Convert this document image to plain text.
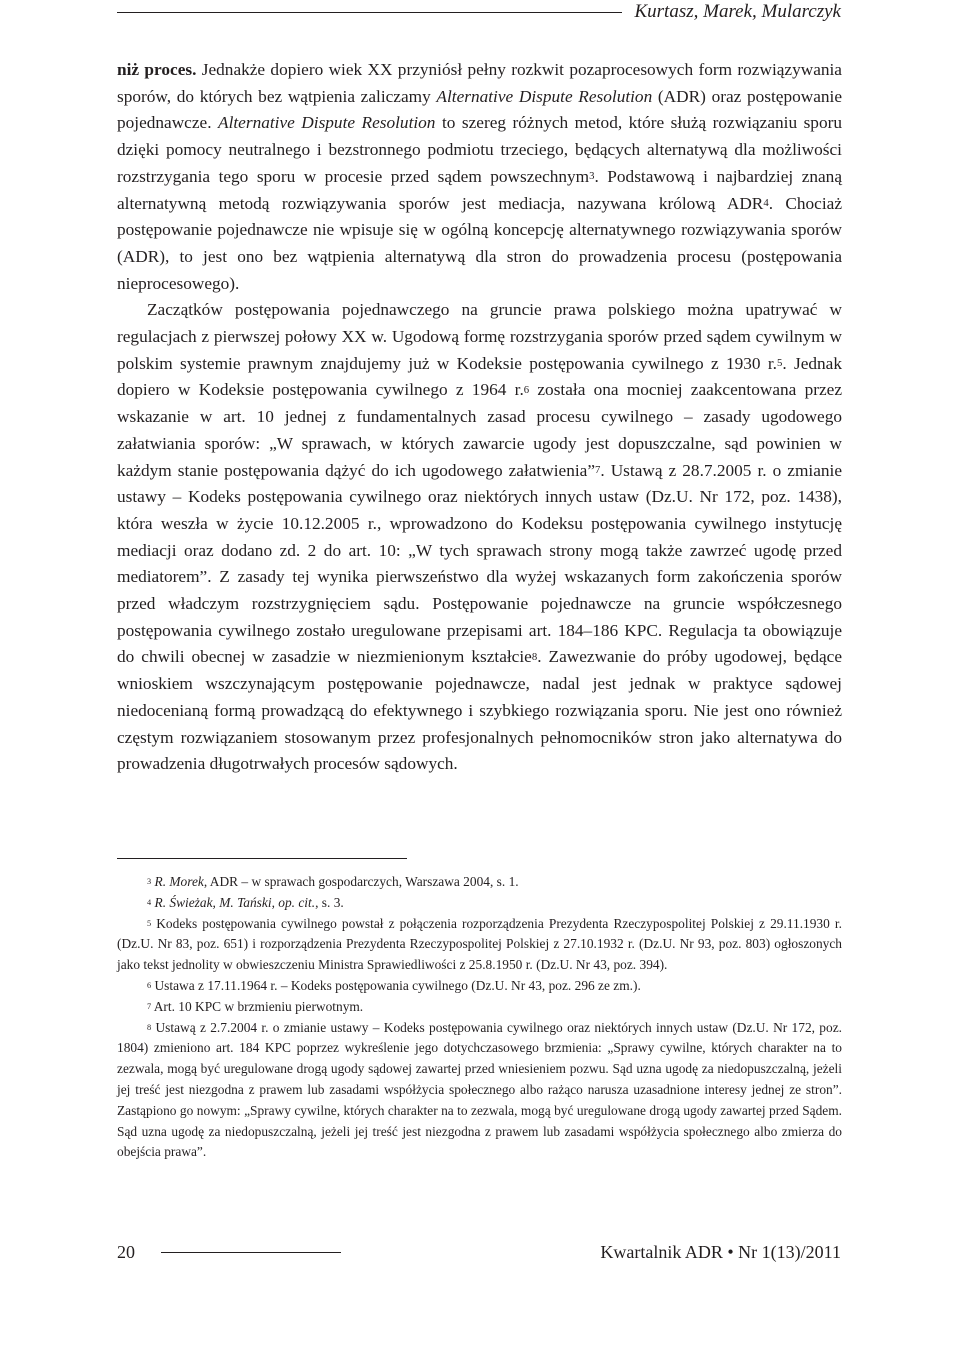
Kurtasz, Marek, Mularczyk

niż proces. Jednakże dopiero wiek XX przyniósł pełny rozkwit pozaprocesowych form rozwiązywania sporów, do których bez wątpienia zaliczamy Alternative Dispute Resolution (ADR) oraz postępowanie pojednawcze. Alternative Dispute Resolution to szereg różnych metod, które służą rozwiązaniu sporu dzięki pomocy neutralnego i bezstronnego podmiotu trzeciego, będących alternatywą dla możliwości rozstrzygania tego sporu w procesie przed sądem powszechnym$^3$. Podstawową i najbardziej znaną alternatywną metodą rozwiązywania sporów jest mediacja, nazywana królową ADR$^4$. Chociaż postępowanie pojednawcze nie wpisuje się w ogólną koncepcję alternatywnego rozwiązywania sporów (ADR), to jest ono bez wątpienia alternatywą dla stron do prowadzenia procesu (postępowania nieprocesowego).

Zaczątków postępowania pojednawczego na gruncie prawa polskiego można upatrywać w regulacjach z pierwszej połowy XX w. Ugodową formę rozstrzygania sporów przed sądem cywilnym w polskim systemie prawnym znajdujemy już w Kodeksie postępowania cywilnego z 1930 r.$^5$. Jednak dopiero w Kodeksie postępowania cywilnego z 1964 r.$^6$ została ona mocniej zaakcentowana przez wskazanie w art. 10 jednej z fundamentalnych zasad procesu cywilnego – zasady ugodowego załatwiania sporów: „W sprawach, w których zawarcie ugody jest dopuszczalne, sąd powinien w każdym stanie postępowania dążyć do ich ugodowego załatwienia”$^7$. Ustawą z 28.7.2005 r. o zmianie ustawy – Kodeks postępowania cywilnego oraz niektórych innych ustaw (Dz.U. Nr 172, poz. 1438), która weszła w życie 10.12.2005 r., wprowadzono do Kodeksu postępowania cywilnego instytucję mediacji oraz dodano zd. 2 do art. 10: „W tych sprawach strony mogą także zawrzeć ugodę przed mediatorem”. Z zasady tej wynika pierwszeństwo dla wyżej wskazanych form zakończenia sporów przed władczym rozstrzygnięciem sądu. Postępowanie pojednawcze na gruncie współczesnego postępowania cywilnego zostało uregulowane przepisami art. 184–186 KPC. Regulacja ta obowiązuje do chwili obecnej w zasadzie w niezmienionym kształcie$^8$. Zawezwanie do próby ugodowej, będące wnioskiem wszczynającym postępowanie pojednawcze, nadal jest jednak w praktyce sądowej niedocenianą formą prowadzącą do efektywnego i szybkiego rozwiązania sporu. Nie jest ono również częstym rozwiązaniem stosowanym przez profesjonalnych pełnomocników stron jako alternatywa do prowadzenia długotrwałych procesów sądowych.

$^3$ R. Morek, ADR – w sprawach gospodarczych, Warszawa 2004, s. 1.

$^4$ R. Świeżak, M. Tański, op. cit., s. 3.

$^5$ Kodeks postępowania cywilnego powstał z połączenia rozporządzenia Prezydenta Rzeczypospolitej Polskiej z 29.11.1930 r. (Dz.U. Nr 83, poz. 651) i rozporządzenia Prezydenta Rzeczypospolitej Polskiej z 27.10.1932 r. (Dz.U. Nr 93, poz. 803) ogłoszonych jako tekst jednolity w obwieszczeniu Ministra Sprawiedliwości z 25.8.1950 r. (Dz.U. Nr 43, poz. 394).

$^6$ Ustawa z 17.11.1964 r. – Kodeks postępowania cywilnego (Dz.U. Nr 43, poz. 296 ze zm.).

$^7$ Art. 10 KPC w brzmieniu pierwotnym.

$^8$ Ustawą z 2.7.2004 r. o zmianie ustawy – Kodeks postępowania cywilnego oraz niektórych innych ustaw (Dz.U. Nr 172, poz. 1804) zmieniono art. 184 KPC poprzez wykreślenie jego dotychczasowego brzmienia: „Sprawy cywilne, których charakter na to zezwala, mogą być uregulowane drogą ugody sądowej zawartej przed wniesieniem pozwu. Sąd uzna ugodę za niedopuszczalną, jeżeli jej treść jest niezgodna z prawem lub zasadami współżycia społecznego albo rażąco narusza uzasadnione interesy jednej ze stron”. Zastąpiono go nowym: „Sprawy cywilne, których charakter na to zezwala, mogą być uregulowane drogą ugody zawartej przed Sądem. Sąd uzna ugodę za niedopuszczalną, jeżeli jej treść jest niezgodna z prawem lub zasadami współżycia społecznego albo zmierza do obejścia prawa”.

20	Kwartalnik ADR • Nr 1(13)/2011
